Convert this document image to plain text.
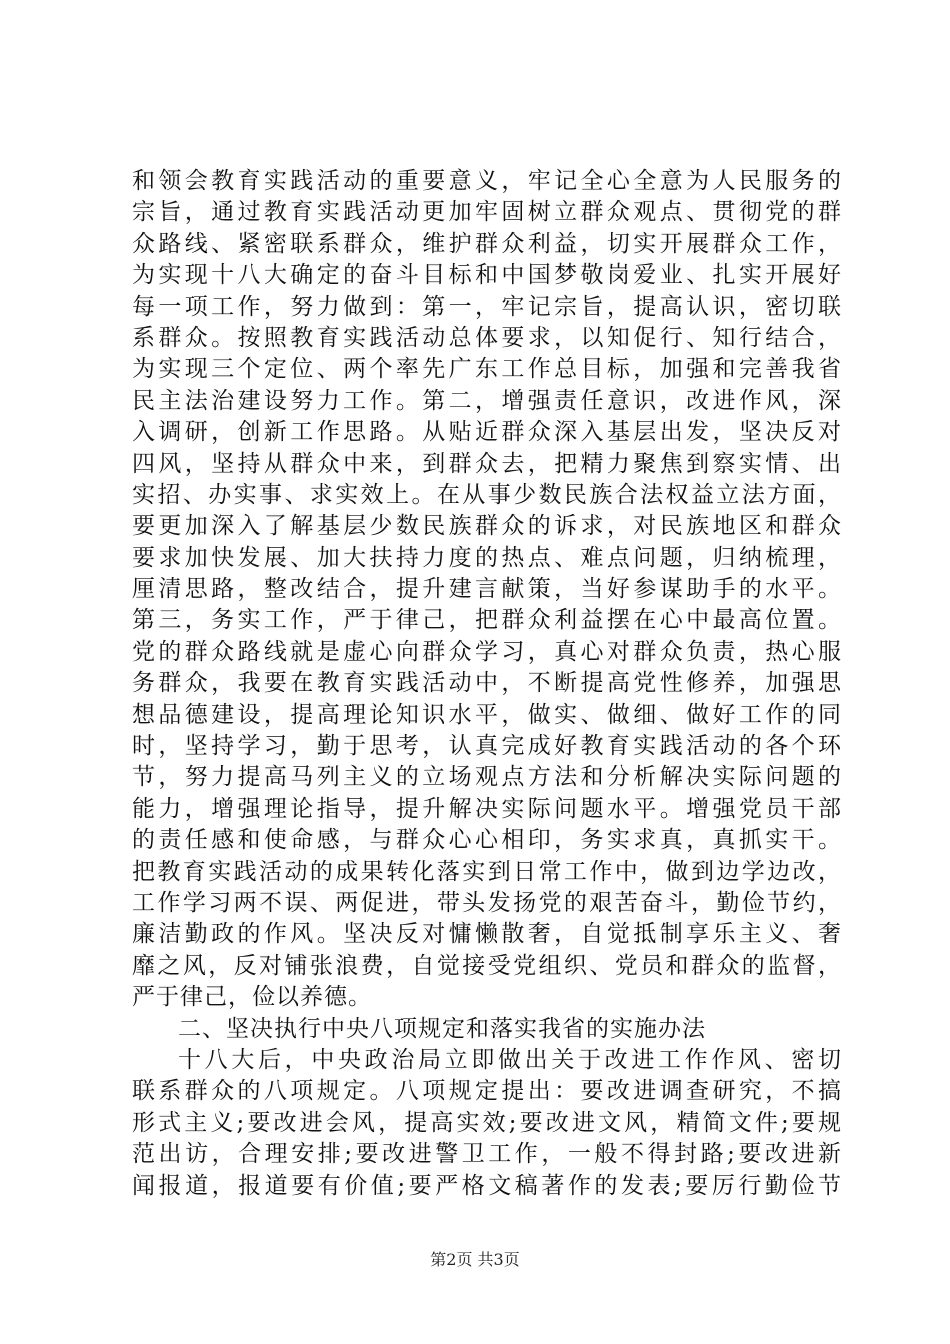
和领会教育实践活动的重要意义，牢记全心全意为人民服务的
宗旨，通过教育实践活动更加牢固树立群众观点、贯彻党的群
众路线、紧密联系群众，维护群众利益，切实开展群众工作，
为实现十八大确定的奋斗目标和中国梦敬岗爱业、扎实开展好
每一项工作，努力做到：第一，牢记宗旨，提高认识，密切联
系群众。按照教育实践活动总体要求，以知促行、知行结合，
为实现三个定位、两个率先广东工作总目标，加强和完善我省
民主法治建设努力工作。第二，增强责任意识，改进作风，深
入调研，创新工作思路。从贴近群众深入基层出发，坚决反对
四风，坚持从群众中来，到群众去，把精力聚焦到察实情、出
实招、办实事、求实效上。在从事少数民族合法权益立法方面，
要更加深入了解基层少数民族群众的诉求，对民族地区和群众
要求加快发展、加大扶持力度的热点、难点问题，归纳梳理，
厘清思路，整改结合，提升建言献策，当好参谋助手的水平。
第三，务实工作，严于律己，把群众利益摆在心中最高位置。
党的群众路线就是虚心向群众学习，真心对群众负责，热心服
务群众，我要在教育实践活动中，不断提高党性修养，加强思
想品德建设，提高理论知识水平，做实、做细、做好工作的同
时，坚持学习，勤于思考，认真完成好教育实践活动的各个环
节，努力提高马列主义的立场观点方法和分析解决实际问题的
能力，增强理论指导，提升解决实际问题水平。增强党员干部
的责任感和使命感，与群众心心相印，务实求真，真抓实干。
把教育实践活动的成果转化落实到日常工作中，做到边学边改，
工作学习两不误、两促进，带头发扬党的艰苦奋斗，勤俭节约，
廉洁勤政的作风。坚决反对慵懒散奢，自觉抵制享乐主义、奢
靡之风，反对铺张浪费，自觉接受党组织、党员和群众的监督，
严于律己，俭以养德。
二、坚决执行中央八项规定和落实我省的实施办法
十八大后，中央政治局立即做出关于改进工作作风、密切
联系群众的八项规定。八项规定提出：要改进调查研究，不搞
形式主义;要改进会风，提高实效;要改进文风，精简文件;要规
范出访，合理安排;要改进警卫工作，一般不得封路;要改进新
闻报道，报道要有价值;要严格文稿著作的发表;要厉行勤俭节
第2页 共3页
